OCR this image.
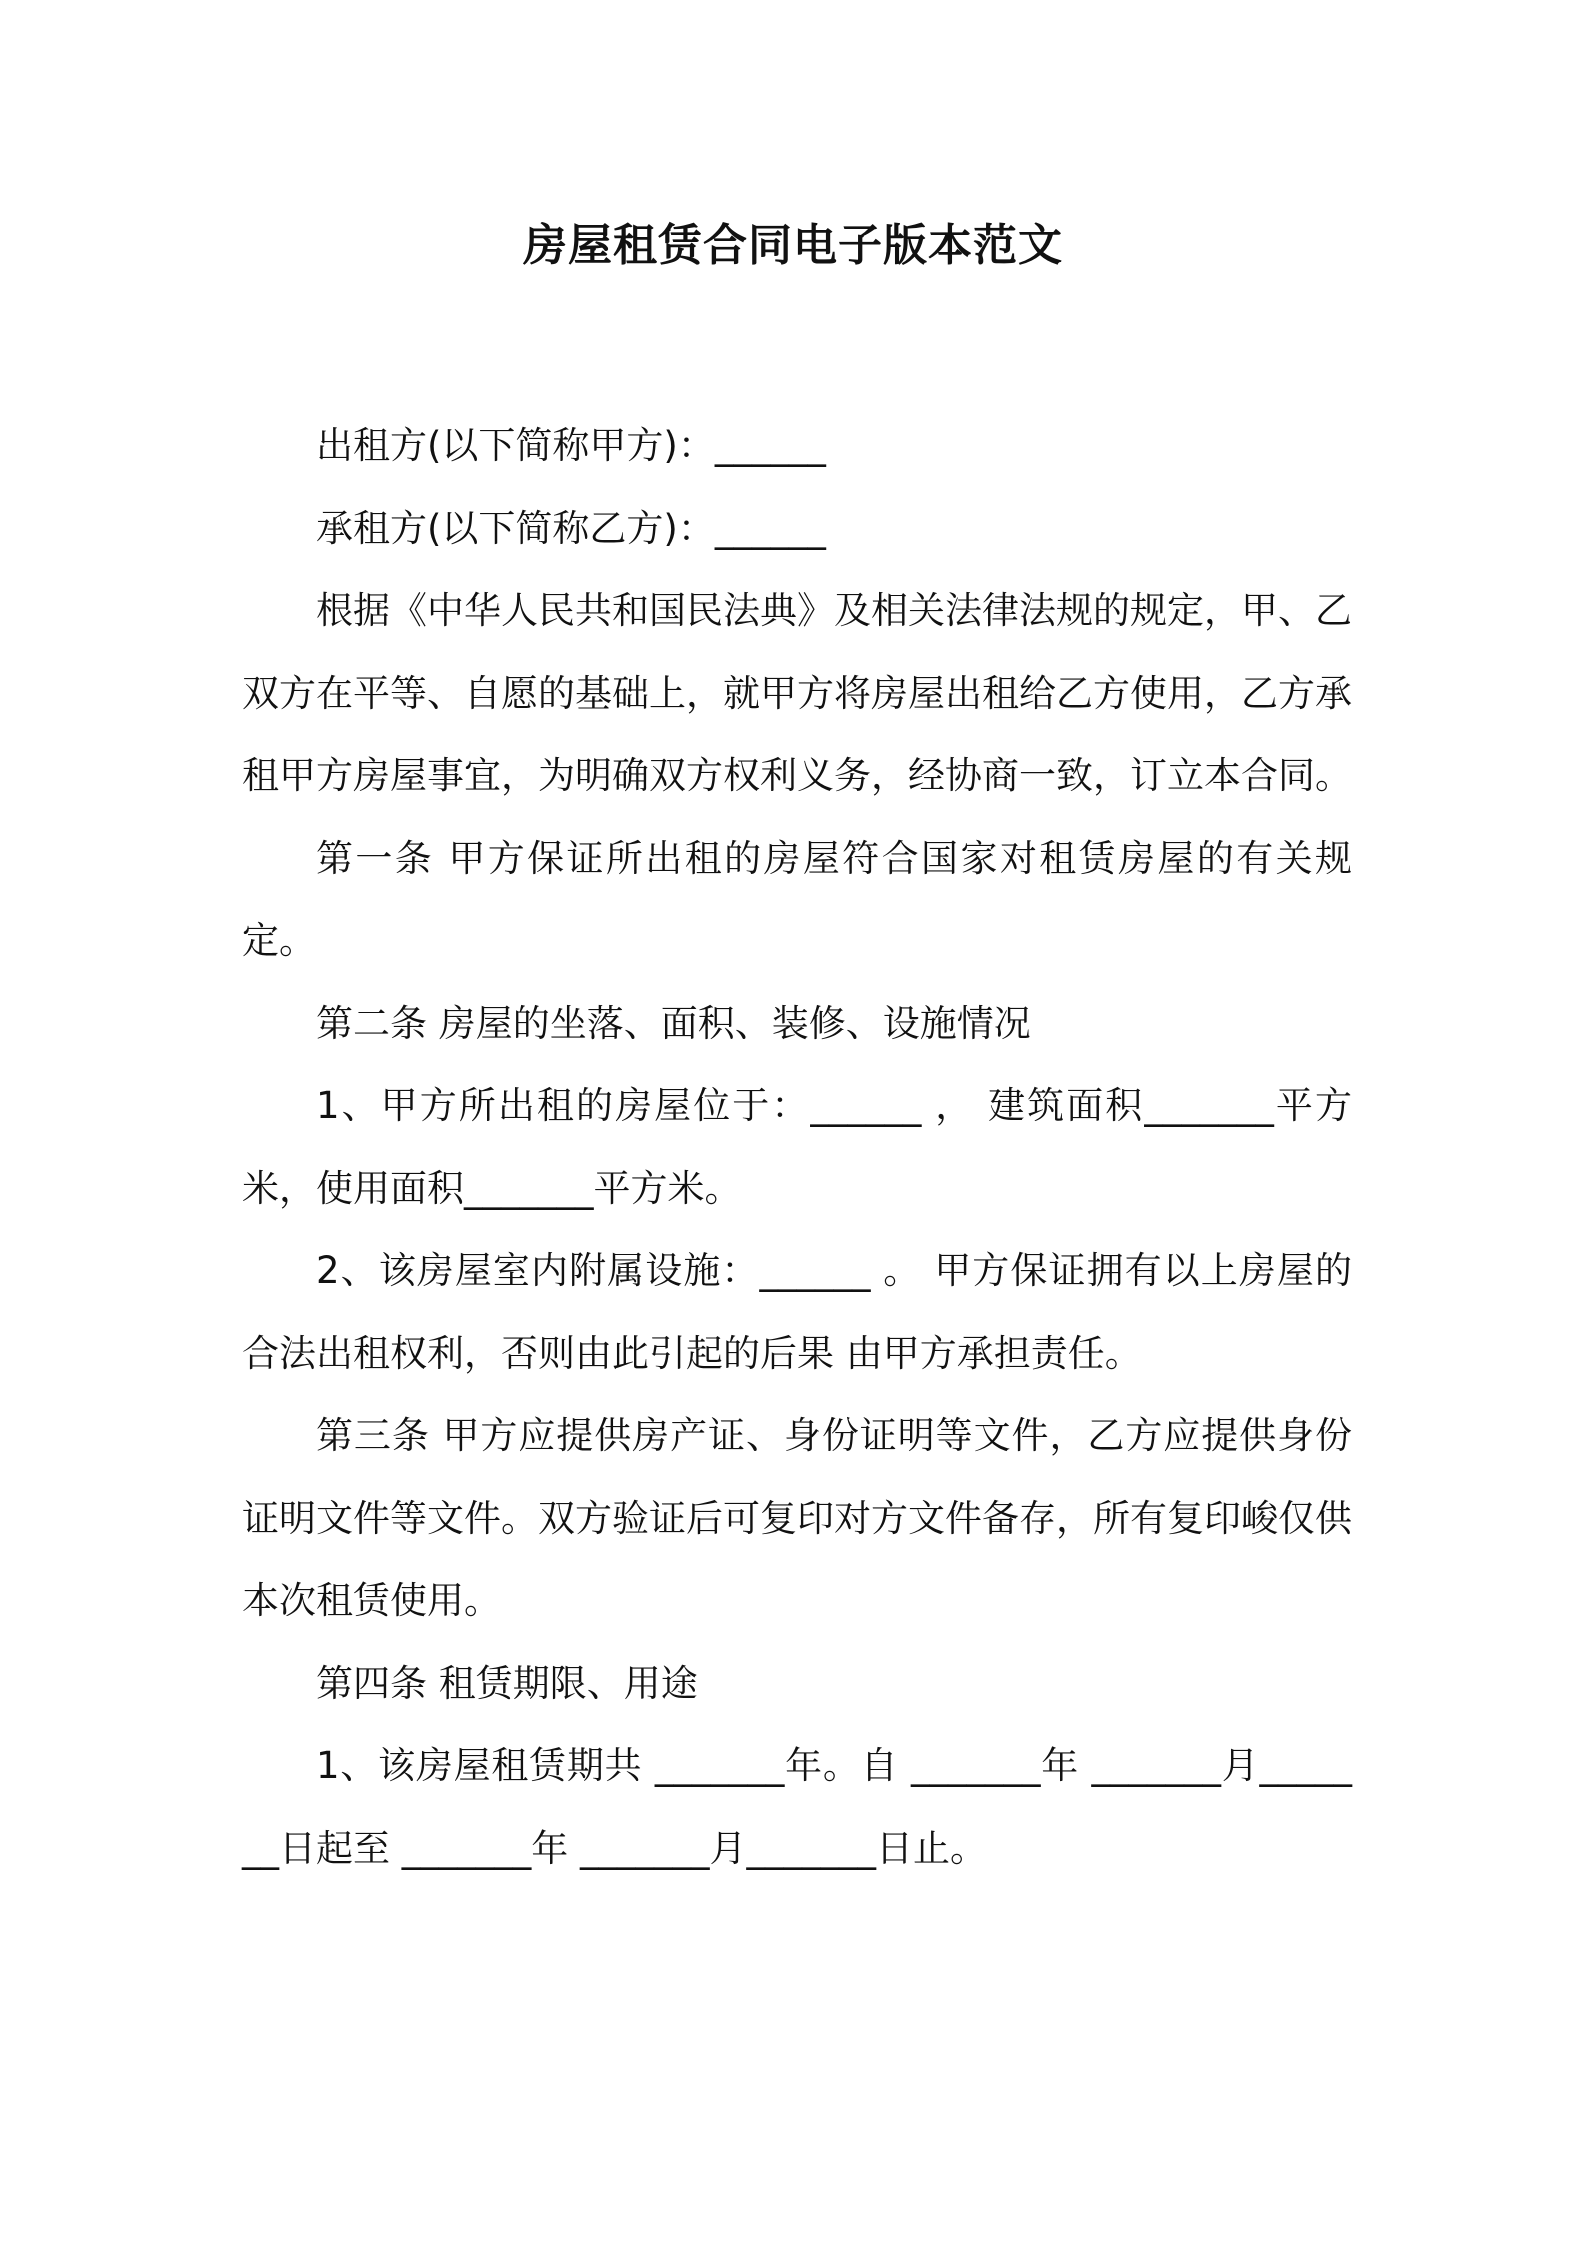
房屋租赁合同电子版本范文

出租方(以下简称甲方)：______

承租方(以下简称乙方)：______

根据《中华人民共和国民法典》及相关法律法规的规定，甲、乙 双方在平等、自愿的基础上，就甲方将房屋出租给乙方使用，乙方承 租甲方房屋事宜，为明确双方权利义务，经协商一致，订立本合同。

第一条 甲方保证所出租的房屋符合国家对租赁房屋的有关规定。

第二条 房屋的坐落、面积、装修、设施情况

1、甲方所出租的房屋位于：______ ， 建筑面积_______平方米，使用面积_______平方米。

2、该房屋室内附属设施：______ 。 甲方保证拥有以上房屋的合法出租权利，否则由此引起的后果 由甲方承担责任。

第三条 甲方应提供房产证、身份证明等文件，乙方应提供身份证明文件等文件。双方验证后可复印对方文件备存，所有复印峻仅供本次租赁使用。

第四条 租赁期限、用途

1、该房屋租赁期共 _______年。自 _______年 _______月_______日起至 _______年 _______月_______日止。
